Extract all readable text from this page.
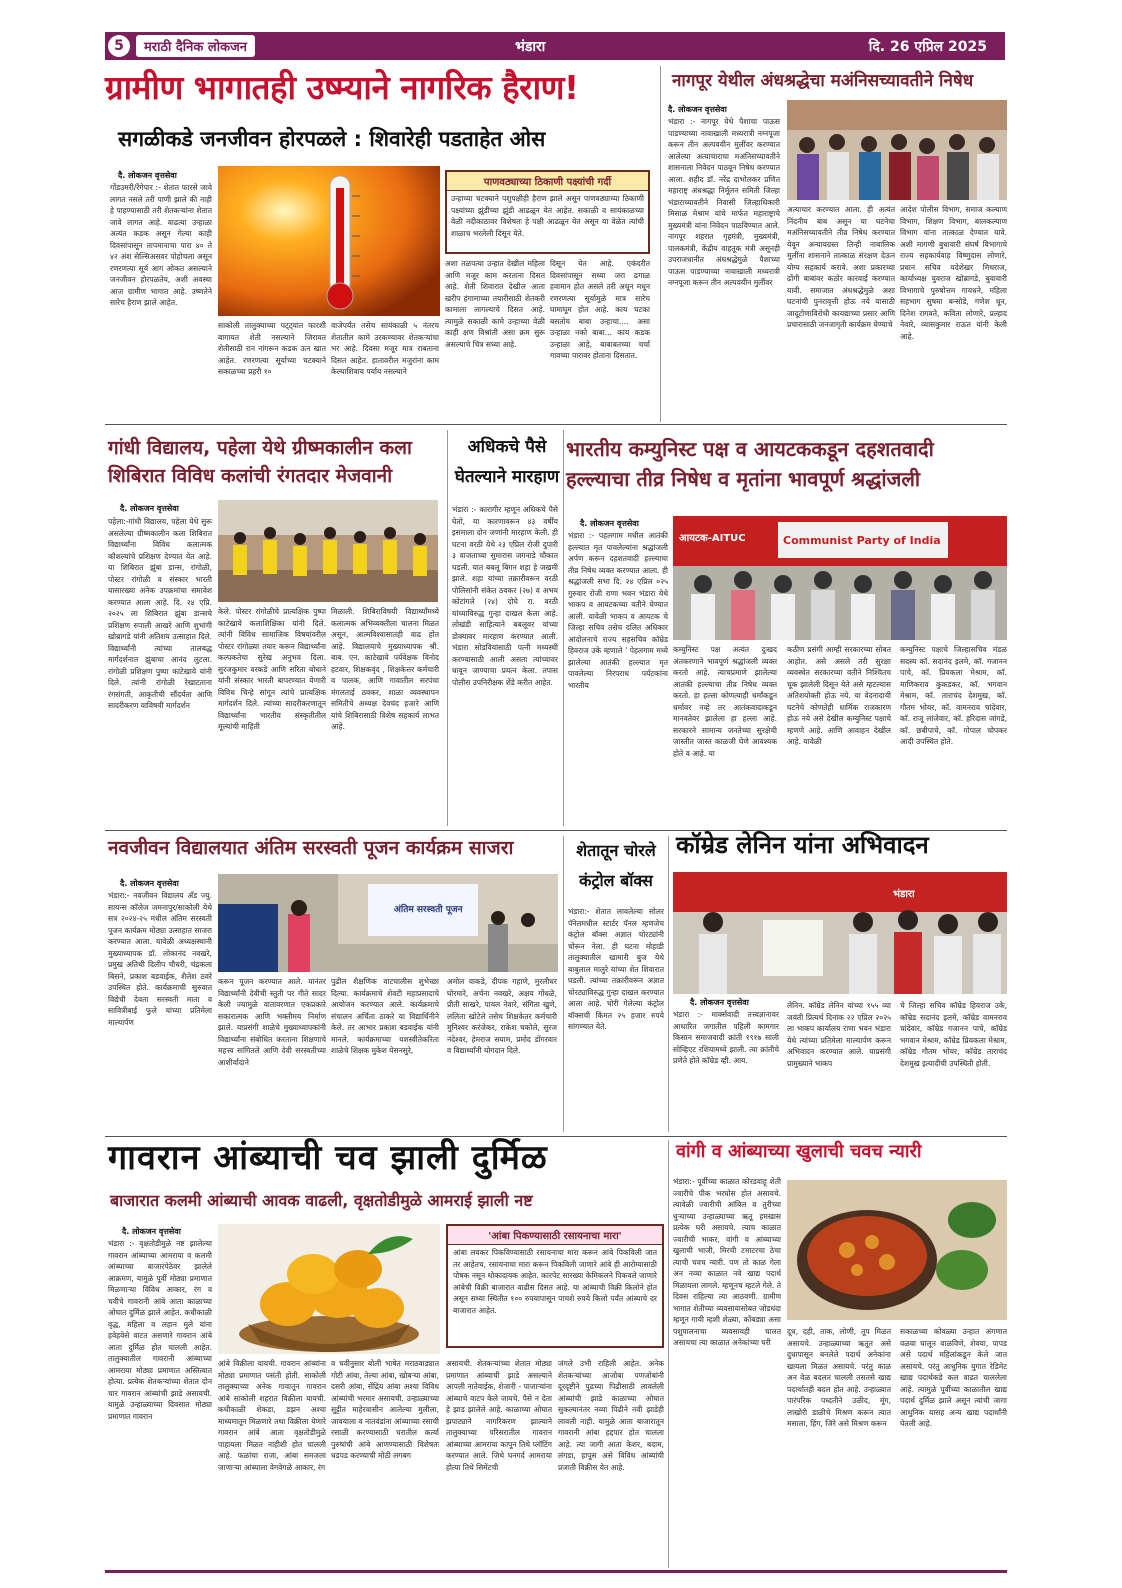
5	मराठी दैनिक लोकजन	भंडारा	दि. 26 एप्रिल 2025
ग्रामीण भागातही उष्म्याने नागरिक हैराण!
सगळीकडे जनजीवन होरपळले : शिवारेही पडताहेत ओस
दै. लोकजन वृत्तसेवा
गोंडउमरी/रेंगेपार :- शेतात फारसे जावे लागत नसले तरी पाणी झाले की नाही हे पाहण्यासाठी तरी शेतकऱ्यांना शेतात जावे लागत आहे. वाढत्या उन्हाळा अत्यंत कडक असून गेल्या काही दिवसांपासून तापमानाचा पारा ४० ते ४२ अंश सेल्सिअसवर पोहोचला असून रणरणत्या सूर्य आग ओकत असल्याने जनजीवन होरपळतेय, अशी अवस्था आज ग्रामीण भागात आहे. उष्णतेने सारेच हैराण झाले आहेत.
पाणवठ्याच्या ठिकाणी पक्ष्यांची गर्दी
उन्हाच्या चटक्याने पशुपक्षीही हैराण झाले असून पाणवठ्याच्या ठिकाणी पक्ष्यांच्या झुंडीच्या झुंडी आढळून येत आहेत. सकाळी व सायंकाळच्या वेळी नदीकाठावर विशेषतः हे पक्षी आढळून येत असून या वेळेत त्यांची शाळाच भरलेली दिसून येते.
साकोली तालुक्याच्या पट्ट्यात फारशी बागायत शेती नसल्याने जिरायत शेतीसाठी रान नांगरून कडक ऊन खात आहेत. रणरणत्या सूर्याच्या चटक्याने सकाळच्या प्रहरी १०
वाजेपर्यंत तसेच सायंकाळी ५ नंतरच शेतातील कामे उरकण्यावर शेतकऱ्यांचा भर आहे. दिवसा मजूर मात्र राबताना दिसत आहेत. हातावरील मजुरांना काम केल्याशिवाय पर्याय नसल्याने
अशा तळपत्या उन्हात देखील महिला आणि मजूर काम करताना दिसत आहे. शेती शिवारात देखील आता खरीप हंगामाच्या तयारीसाठी शेतकरी कामाला लागल्याचे दिसत आहे. त्यामुळे सकाळी कामे उन्हाच्या वेळी काही क्षण विश्रांती असा क्रम सुरू असल्याचे चित्र सध्या आहे.
दिसून येत आहे. एकंदरीत दिवसांपासून सध्या जरा ढगाळ हवामान होत असले तरी अधून मधून रणरणत्या सूर्यामुळे मात्र सारेच घामाघूम होत आहे. काय चटका बसतोय बाबा उन्हाचा.... असा उन्हाळा नको बाबा... काय कडक उन्हाळा आहे, बाबाबतच्या चर्चा गावच्या पारावर होताना दिसतात.
नागपूर येथील अंधश्रद्धेचा मअंनिसच्यावतीने निषेध
दै. लोकजन वृत्तसेवा
भंडारा :- नागपूर येथे पैशाचा पाऊस पाडण्याच्या नावाखाली मध्यरात्री नग्नपूजा करून तीन अल्पवयीन मुलींवर करण्यात आलेल्या अत्याचाराचा मअंनिसच्यावतीने शासनाला निवेदन पाठवून निषेध करण्यात आला. शहीद डॉ. नरेंद्र दाभोलकर प्रणित महाराष्ट्र अंधश्रद्धा निर्मूलन समिती जिल्हा भंडाराच्यावतीने निवासी जिल्हाधिकारी मिसाळ मेश्राम यांचे मार्फत महाराष्ट्राचे मुख्यमंत्री यांना निवेदन पाठविण्यात आले. नागपूर शहरात गृहमंत्री, मुख्यमंत्री, पालकमंत्री, केंद्रीय वाहतूक मंत्री असूनही उपराजधानीत अंधश्रद्धेमुळे पैशाच्या पाऊस पाडण्याच्या नावाखाली मध्यरात्री नग्नपूजा करून तीन अल्पवयीन मुलींवर
अत्याचार करण्यात आला. ही अत्यंत निंदनीय बाब असून या घटनेचा मअंनिसच्यावतीने तीव्र निषेध करण्यात येवून अन्यायग्रस्त तिन्ही नाबालिक मुलींना शासनाने तात्काळ संरक्षण देऊन योग्य सहकार्य करावे. अशा प्रकारच्या ढोंगी बाबांवर कठोर कारवाई करण्यात यावी. समाजात अंधश्रद्धेमुळे अशा घटनांची पुनरावृत्ती होऊ नये यासाठी जादूटोणाविरोधी कायद्याच्या प्रसार आणि प्रचारासाठी जनजागृती कार्यक्रम घेण्याचे
आदेश पोलीस विभाग, समाज कल्याण विभाग, शिक्षण विभाग, बालकल्याण विभाग यांना तात्काळ देण्यात यावे. अशी मागणी बुधावारी संघर्ष विभागाचे राज्य सहकार्यवाह विष्णुदास लोणारे, प्रधान सचिव यदेशेखर मिथराज, कार्याध्यक्ष युवराज खोब्रागडे, बुवावारी विभागाचे पुरुषोत्तम गायधने, महिला सहभाग सुषमा बन्सोडे, गणेश धून, दिनेश रागवते, कविता लोणारे, प्रल्हाद नेवारे, व्यासकुमार राऊत यांनी केली आहे.
गांधी विद्यालय, पहेला येथे ग्रीष्मकालीन कला
शिबिरात विविध कलांची रंगतदार मेजवानी
दै. लोकजन वृत्तसेवा
पहेला:-गांधी विद्यालय, पहेला येथे सुरू असलेल्या ग्रीष्मकालीन कला शिबिरात विद्यार्थ्यांना विविध कलात्मक कौशल्यांचे प्रशिक्षण देण्यात येत आहे. या शिबिरात झुंबा डान्स, रांगोळी, पोस्टर रांगोळी व संस्कार भारती यासारख्या अनेक उपक्रमांचा समावेश करण्यात आला आहे. दि. २४ एप्रि. २०२५ ला शिबिरात झुंबा डान्सचे प्रशिक्षण रुपाली आखरे आणि शुभांगी खोब्रागडे यांनी अतिशय उत्साहात दिले. विद्यार्थ्यांनी त्यांच्या तालबद्ध मार्गदर्शनात झुंबाचा आनंद लुटला. रांगोळी प्रशिक्षण पुष्पा काटेखाये यांनी दिले. त्यांनी रांगोळी रेखाटताना रंगसंगती, आकृतीची सौंदर्यता आणि सादरीकरण याविषयी मार्गदर्शन
केले. पोस्टर रांगोळीचे प्रात्यक्षिक पुष्पा काटेखाये कलाशिक्षिका यांनी दिले. त्यांनी विविध सामाजिक विषयांवरील पोस्टर रांगोळ्या तयार करून विद्यार्थ्यांना कल्पकतेचा सुरेख अनुभव दिला. सुरजकुमार वरकडे आणि सरिता बोधाने यांनी संस्कार भारती बापरण्यात येणारी विविध चिन्हे सांगून त्यांचे प्रात्यक्षिक मार्गदर्शन दिले. त्यांच्या सादरीकरणातून विद्यार्थ्यांना भारतीय संस्कृतीतील मूल्यांची माहिती
मिळाली. शिबिराविषयी विद्यार्थ्यांमध्ये कलात्मक अभिव्यक्तीला चालना मिळत असून, आत्मविश्वासातही वाढ होत आहे. विद्यालयाचे मुख्याध्यापक श्री. बाब. एन. काटेखाये पर्यवेक्षक विनोद हटवार, शिक्षकवृंद , शिक्षकेत्तर कर्मचारी व पालक, आणि गावातील सरपंचा मंगलताई ठवकर, शाळा व्यवस्थापन समितीचे अध्यक्ष देवचंद हजारे आणि यांचे शिबिरासाठी विशेष सहकार्य लाभत आहे.
अधिकचे पैसे
घेतल्याने मारहाण
भंडारा :- कारागीर म्हणून अधिकचे पैसे घेतो, या कारणावरून ४३ वर्षीय इसमाला दोन जणांनी मारहाण केली. ही घटना वरठी येथे २३ एप्रिल रोजी दुपारी ३ वाजताच्या सुमारास जगनाडे चौकात घडली. यात बबलू बिगन शहा हे जखमी झाले. शहा यांच्या तक्रारीवरून वरठी पोलिसांनी संकेत ठवकर (२७) व अभय कोटांगले (२४) दोघे रा. वरठी यांच्याविरुद्ध गुन्हा दाखल केला आहे. लोखंडी साहित्याने बबलूवर यांच्या डोक्यावर मारहाण करण्यात आली. भंडारा सोडवियांसाठी पत्नी मध्यस्थी करण्यासाठी आली असता त्यांच्यावर धावून जाण्याचा प्रयत्न केला. तपास पोलीस उपनिरीक्षक शेंडे करीत आहेत.
भारतीय कम्युनिस्ट पक्ष व आयटककडून दहशतवादी
हल्ल्याचा तीव्र निषेध व मृतांना भावपूर्ण श्रद्धांजली
दै. लोकजन वृत्तसेवा
भंडारा :- पहलगाम मधील आतंकी हल्ल्यात मृत पावलेल्यांना श्रद्धांजली अर्पण करून दहशतवादी हल्ल्याचा तीव्र निषेध व्यक्त करण्यात आला. ही श्रद्धांजली सभा दि. २४ एप्रिल ०२५ गुरुवार रोजी राणा भवन भंडारा येथे भाकप व आयटकच्या वतीने घेण्यात आली. यावेळी भाकप व आयटक चे जिल्हा सचिव तसेच दलित अधिकार आंदोलनाचे राज्य सहसचिव कॉम्रेड हिवराज उके म्हणाले ' पेहलगाम मध्ये झालेल्या आतंकी हल्ल्यात मृत पावलेल्या निरपराध पर्यटकांना भारतीय
आयटक-AITUC	Communist Party of India
कम्युनिस्ट पक्ष अत्यंत दुःखद अंतकरणाने भावपूर्ण श्रद्धांजली व्यक्त करतो आहे. त्याचप्रमाणे झालेल्या आतंकी हल्ल्याचा तीव्र निषेध व्यक्त करतो. हा हल्ला कोणत्याही धर्मांकडून धर्मावर नव्हे तर आतंकवादाकडून मानवतेवर झालेला हा हल्ला आहे. सरकारने सामान्य जनतेच्या सुरक्षेची जास्तीत जास्त काळजी घेणे आवश्यक होते व आहे. या
कठीण प्रसंगी आम्ही सरकारच्या सोबत आहोत. असे असले तरी सुरक्षा व्यवस्थेत सरकारच्या वतीने निश्चितच चूक झालेली दिसून येते असे म्हटल्यास अतिशयोक्ती होऊ नये. या वेदनादायी घटनेचे कोणतेही धार्मिक राजकारण होऊ नये असे देखील कम्युनिस्ट पक्षाचे म्हणणे आहे. आणि आवाहन देखील आहे. यावेळी
कम्युनिस्ट पक्षाचे जिल्हासचिव मंडळ सदस्य कॉ. सदानंद इलमे, कॉ. गजानन पाचे, कॉ. प्रियकला मेश्राम, कॉ. माणिकराव कुकडकर, कॉ. भगवान मेश्राम, कॉ. ताराचंद देशमुख, कॉ. गौतम भोयर, कॉ. वामनराव चांदेवार, कॉ. राजू लांजेवार, कॉ. हरिदास जांगडे, कॉ. छबीपाचे, कॉ. गोपाल चोपकर आदी उपस्थित होते.
नवजीवन विद्यालयात अंतिम सरस्वती पूजन कार्यक्रम साजरा
दै. लोकजन वृत्तसेवा
भंडारा:- नवजीवन विद्यालय अँड ज्यु. सायन्स कॉलेज जमनापुर/साकोली येथे सत्र २०२४-२५ मधील अंतिम सरस्वती पूजन कार्यक्रम मोठ्या उत्साहात साजरा करण्यात आला. यावेळी अध्यक्षस्थानी मुख्याध्यापक डॉ. लोकानंद नवखरे, प्रमुख अतिथी दिलीप चौधरी, चंद्रकला बिसने, प्रकाश बडवाईक, शैलेश ठवरे उपस्थित होते. कार्यक्रमाची सुरुवात विद्येची देवता सरस्वती माता व सावित्रीबाई फुले यांच्या प्रतिमेला माल्यार्पण
अंतिम सरस्वती पूजन
करून पूजन करण्यात आले. यानंतर विद्यार्थ्यांनी देवीची स्तुती पर गीते सादर केली ज्यामुळे वातावरणात एकप्रकारे सकारात्मक आणि भक्तीमय निर्माण झाले. याप्रसंगी शाळेचे मुख्याध्यापकांनी विद्यार्थ्यांना संबोधित करताना शिक्षणाचे महत्त्व सांगितले आणि देवी सरस्वतीच्या आशीर्वादाने
पुढील शैक्षणिक वाटचालीस शुभेच्छा दिल्या. कार्यक्रमाचे शेवटी महाप्रसादाचे आयोजन करण्यात आले. कार्यक्रमाचे संचालन अर्चिता ठाकरे या विद्यार्थिनीने केले. तर आभार प्रकाश बडवाईक यांनी मानले. कार्यक्रमाच्या यशस्वीतेकरिता शाळेचे शिक्षक मुकेश येसनसुरे,
अमोल वाकडे, दीपक गहाणे, मुरलीधर घोरमारे, अर्चना नवखरे, अक्षय गोंधळे, प्रीती साखरे, पायल नेवारे, संगिता खुणे, ललिता खोटेले तसेच शिक्षकेतर कर्मचारी मुनिश्वर करंजेकर, राकेश चकोले, सुरज नंदेश्वर, हेमराज सयाम, प्रमोद डोंगरवार व विद्यार्थ्यांनी योगदान दिले.
शेतातून चोरले
कंट्रोल बॉक्स
भंडारा:- शेतात लावलेल्या सोलर पॅनेलमधील स्टार्टर पॅनल म्हणजेच कंट्रोल बॉक्स अज्ञात चोरट्यांनी चोरून नेला. ही घटना मोहाडी तालुक्यातील खामारी बुज येथे बाबुलाल मालुरे यांच्या शेत शिवारात घडली. त्यांच्या तक्रारीवरून अज्ञात चोरट्याविरुद्ध गुन्हा दाखल करण्यात आला आहे. चोरी गेलेल्या कंट्रोल बॉक्सची किंमत २५ हजार रुपये सांगण्यात येते.
कॉम्रेड लेनिन यांना अभिवादन
भंडारा
दै. लोकजन वृत्तसेवा
भंडारा :- मार्क्सवादी तत्त्वज्ञानावर आधारित जगातील पहिली कामगार किसान समाजवादी क्रांती १९१७ साली सोव्हिएट रशियामध्ये झाली. त्या क्रांतीचे प्रणेते होते कॉम्रेड व्ही. आय.
लेनिन. कॉम्रेड लेनिन यांच्या १५५ व्या जयंती प्रित्यर्थ दिनांक २२ एप्रिल २०२५ ला भाकप कार्यालय राणा भवन भंडारा येथे त्यांच्या प्रतिमेला माल्यार्पण करून अभिवादन करण्यात आले. याप्रसंगी प्रामुख्याने भाकप
चे जिल्हा सचिव कॉम्रेड हिवराज उके, कॉम्रेड सदानंद इलमे, कॉम्रेड वामनराव चांदेवार, कॉम्रेड गजानन पाचे, कॉम्रेड भगवान मेश्राम, कॉम्रेड प्रियकला मेश्राम, कॉम्रेड गौतम भोयर, कॉम्रेड ताराचंद देशमुख इत्यादींची उपस्थिती होती.
गावरान आंब्याची चव झाली दुर्मिळ
बाजारात कलमी आंब्याची आवक वाढली, वृक्षतोडीमुळे आमराई झाली नष्ट
दै. लोकजन वृत्तसेवा
भंडारा :- वृक्षतोडीमुळे नष्ट झालेल्या गावरान आंब्याच्या आमराया व कलमी आंब्याच्या बाजारपेठेवर झालेले आक्रमण, यामुळे पूर्वी मोठ्या प्रमाणात मिळणाऱ्या विविध आकार, रंग व चवीचे गावरानी आंबे आता काळाच्या ओघात दुर्मिळ झाले आहेत. कधीकाळी वृद्ध, महिला व लहान मुले यांना हवेहवेसे वाटत असणारे गावरान आंबे आता दुर्मिळ होत चालली आहेत. तालुक्यातील गावरानी आंब्याच्या आमराया मोठ्या प्रमाणात अस्तित्वात होत्या. प्रत्येक शेतकऱ्यांच्या शेतात दोन चार गावरान आंब्यांची झाडे असायची. यामुळे उन्हाळ्याच्या दिवसात मोठ्या प्रमाणात गावरान
'आंबा पिकण्यासाठी रसायनाचा मारा'
आंबा लवकर पिकविण्यासाठी रसायनाचा मारा करून आंबे पिकविली जात तर आहेतच, रसायनाचा मारा करून पिकविली जाणारे आंबे ही आरोग्यासाठी पोषक नसून धोकादायक आहेत. कारपेट सारख्या केमिकलने पिकवले जाणारे आंबेची विक्री बाजारात वाढीस दिसत आहे. या आंब्याची विक्री किलोने होत असून सध्या स्थितीत १०० रुपयापासून पाचशे रुपये किलो पर्यंत आंब्याचे दर बाजारात आहेत.
आंबे विक्रीला यायची. गावरान आंब्यांना मोठ्या प्रमाणात पसंती होती. साकोली तालुक्याच्या अनेक गावातून गावरान आंबे साकोली शहरात विक्रीला यायची. कधीकाळी शेकडा, डझन अश्या माध्यमातून मिळणारे तथा विक्रीला येणारे गावरान आंबे आता वृक्षतोडीमुळे पाहायला मिळत नाहीशी होत चालली आहे. फळांचा राजा, आंबा समजला जाणाऱ्या आंब्याला वेगवेगळे आकार, रंग
व चवीनुसार बोली भाषेत मराठवाड्यात गोटी आंबा, तेल्या आंबा, खोबऱ्या आंबा, दसरी आंबा, सेंद्रिय आंबा अश्या विविध आंब्यांची भरमार असायची. उन्हाळ्याच्या सुट्टीत माहेरवासीन आलेल्या मुलीला, जावयाला व नातवंडांना आंब्याच्या रसाची रसाळी करण्यासाठी घरातील कर्त्या पुरुषांची आंबे आणण्यासाठी विशेषतः धडपड करण्याची मोठी लगबग
असायची. शेतकऱ्यांच्या शेतात मोठ्या प्रमाणात आंब्याची झाडे असल्याने आपली नातेवाईक, शेजारी - पाजाऱ्यांना आंब्याचे वाटप केले जायचे. पैसे न देता हे झाड झालेले आहे. काळाच्या ओघात झपाट्याने नागरिकरण झाल्याने तालुक्याच्या परिसरातील गावरान आंब्याच्या आमराया कापून तिथे प्लॉटिंग करण्यात आले. जिथे घनगर्द आमराया होत्या तिथे सिमेंटची
जंगले उभी राहिली आहेत. अनेक शेतकऱ्यांच्या आजोबा पणजोबांनी दूरदृष्टीने पुढच्या पिढीसाठी लावलेली आंब्यांची झाडे काळाच्या ओघात सुकल्यानंतर नव्या पिढीने नवी झाडेही लावली नाही. यामुळे आता बाजारातून गावरानी आंबा हद्दपार होत चालला आहे. त्या जागी आता केशर, बदाम, लंगडा, हापूस असे विविध आंब्यांची प्रजाती विक्रीस येत आहे.
वांगी व आंब्याच्या खुलाची चवच न्यारी
भंडारा:- पूर्वीच्या काळात कोरडवाहू शेती ज्वारीचे पीक भरघोस होत असायचे. त्यावेळी ज्वारीची आंबिल व तुरीच्या धुऱ्याच्या उन्हाळ्याच्या ऋतू हमखास प्रत्येक घरी असायचे. त्याच काळात ज्वारीची भाकर, वांगी व आंब्याच्या खुलाची भाजी, मिरची टमाटरचा ठेचा त्याची चवच न्यारी. पण तो काळ गेला अन नव्या काळात नवे खाद्य पदार्थ मिळायला लागले. म्हणूनच म्हटले गेले. ते दिवस राहिल्या त्या आठवणी. ग्रामीण भागात शेतीच्या व्यवसायासोबत जोडधंदा म्हणून गायी म्हशी शेळ्या, कोंबड्या असा पशुपालनाचा व्यवसायही चालत असायचा त्या काळात अनेकांच्या घरी
दूध, दही, ताक, लोणी, तूप मिळत असायचे. उन्हाळ्याच्या ऋतूत असे दुधापासून बनलेले पदार्थ अनेकांना खायला मिळत असायचे. परंतु काळ अन वेळ बदलत चालली तसतसे खाद्य पदार्थातही बदल होत आहे. उन्हाळ्यात पारंपरिक पध्दतीने उळीद, मूंग, लाखोरी डाळीचे मिश्रण करून त्यात मसाला, हिंग, जिरे असे मिश्रण करून
सकाळच्या कोवळ्या उन्हात अंगणात वळवा घालून वाळविणे, शेवया, पापड असे पदार्थ महिलांकडून केले जात असायचे. परंतु आधुनिक युगात रेडिमेट खाद्य पदार्थकडे कल वाढत चाललेला आहे. त्यामुळे पूर्वीच्या काळातील खाद्य पदार्थ दुर्मिळ झाले असून त्यांची जागा आधुनिक यासह अन्य खाद्य पदार्थांनी घेतली आहे.
